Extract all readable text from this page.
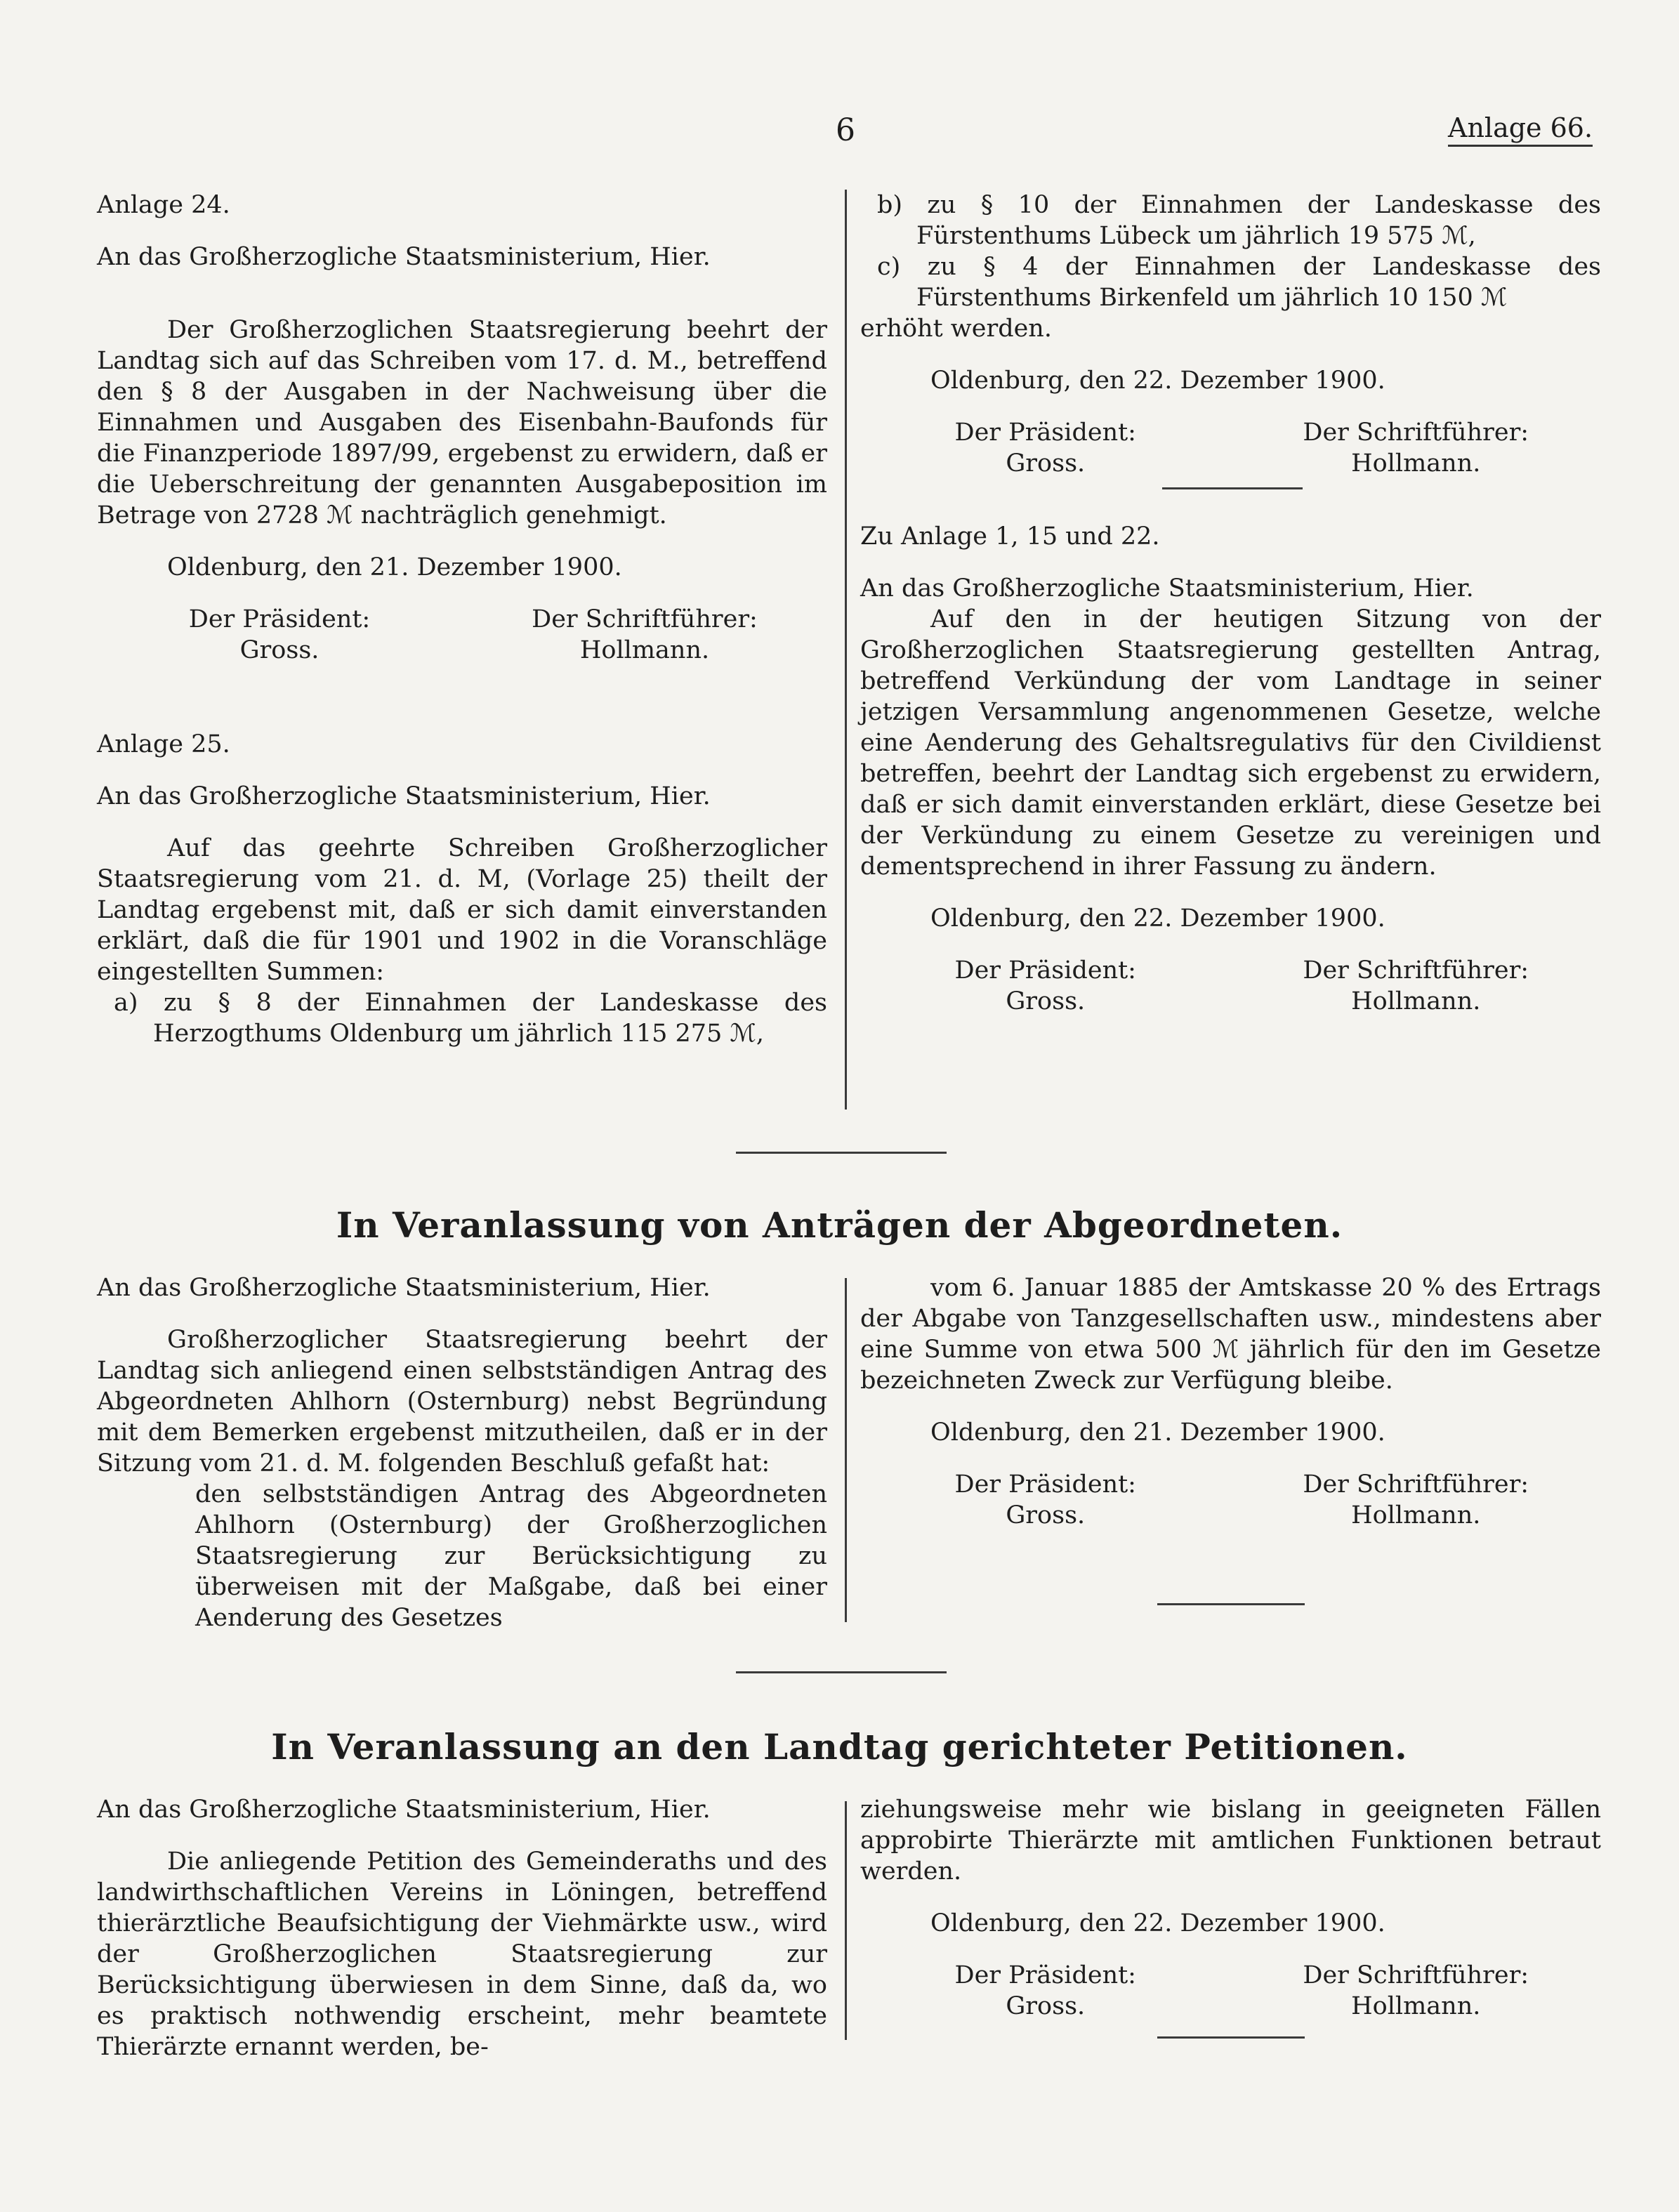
6	Anlage 66.

Anlage 24.

An das Großherzogliche Staatsministerium, Hier.

Der Großherzoglichen Staatsregierung beehrt der Landtag sich auf das Schreiben vom 17. d. M., betreffend den § 8 der Ausgaben in der Nachweisung über die Einnahmen und Ausgaben des Eisenbahn-Baufonds für die Finanzperiode 1897/99, ergebenst zu erwidern, daß er die Ueberschreitung der genannten Ausgabeposition im Betrage von 2728 ℳ nachträglich genehmigt.

Oldenburg, den 21. Dezember 1900.

Der Präsident:	Der Schriftführer:
Gross.	Hollmann.

Anlage 25.

An das Großherzogliche Staatsministerium, Hier.

Auf das geehrte Schreiben Großherzoglicher Staatsregierung vom 21. d. M, (Vorlage 25) theilt der Landtag ergebenst mit, daß er sich damit einverstanden erklärt, daß die für 1901 und 1902 in die Voranschläge eingestellten Summen:

a) zu § 8 der Einnahmen der Landeskasse des Herzogthums Oldenburg um jährlich 115 275 ℳ,

b) zu § 10 der Einnahmen der Landeskasse des Fürstenthums Lübeck um jährlich 19 575 ℳ,

c) zu § 4 der Einnahmen der Landeskasse des Fürstenthums Birkenfeld um jährlich 10 150 ℳ

erhöht werden.

Oldenburg, den 22. Dezember 1900.

Der Präsident:	Der Schriftführer:
Gross.	Hollmann.

Zu Anlage 1, 15 und 22.

An das Großherzogliche Staatsministerium, Hier.

Auf den in der heutigen Sitzung von der Großherzoglichen Staatsregierung gestellten Antrag, betreffend Verkündung der vom Landtage in seiner jetzigen Versammlung angenommenen Gesetze, welche eine Aenderung des Gehaltsregulativs für den Civildienst betreffen, beehrt der Landtag sich ergebenst zu erwidern, daß er sich damit einverstanden erklärt, diese Gesetze bei der Verkündung zu einem Gesetze zu vereinigen und dementsprechend in ihrer Fassung zu ändern.

Oldenburg, den 22. Dezember 1900.

Der Präsident:	Der Schriftführer:
Gross.	Hollmann.
In Veranlassung von Anträgen der Abgeordneten.

An das Großherzogliche Staatsministerium, Hier.

Großherzoglicher Staatsregierung beehrt der Landtag sich anliegend einen selbstständigen Antrag des Abgeordneten Ahlhorn (Osternburg) nebst Begründung mit dem Bemerken ergebenst mitzutheilen, daß er in der Sitzung vom 21. d. M. folgenden Beschluß gefaßt hat:

den selbstständigen Antrag des Abgeordneten Ahlhorn (Osternburg) der Großherzoglichen Staatsregierung zur Berücksichtigung zu überweisen mit der Maßgabe, daß bei einer Aenderung des Gesetzes

vom 6. Januar 1885 der Amtskasse 20 % des Ertrags der Abgabe von Tanzgesellschaften usw., mindestens aber eine Summe von etwa 500 ℳ jährlich für den im Gesetze bezeichneten Zweck zur Verfügung bleibe.

Oldenburg, den 21. Dezember 1900.

Der Präsident:	Der Schriftführer:
Gross.	Hollmann.
In Veranlassung an den Landtag gerichteter Petitionen.

An das Großherzogliche Staatsministerium, Hier.

Die anliegende Petition des Gemeinderaths und des landwirthschaftlichen Vereins in Löningen, betreffend thierärztliche Beaufsichtigung der Viehmärkte usw., wird der Großherzoglichen Staatsregierung zur Berücksichtigung überwiesen in dem Sinne, daß da, wo es praktisch nothwendig erscheint, mehr beamtete Thierärzte ernannt werden, be-

ziehungsweise mehr wie bislang in geeigneten Fällen approbirte Thierärzte mit amtlichen Funktionen betraut werden.

Oldenburg, den 22. Dezember 1900.

Der Präsident:	Der Schriftführer:
Gross.	Hollmann.
